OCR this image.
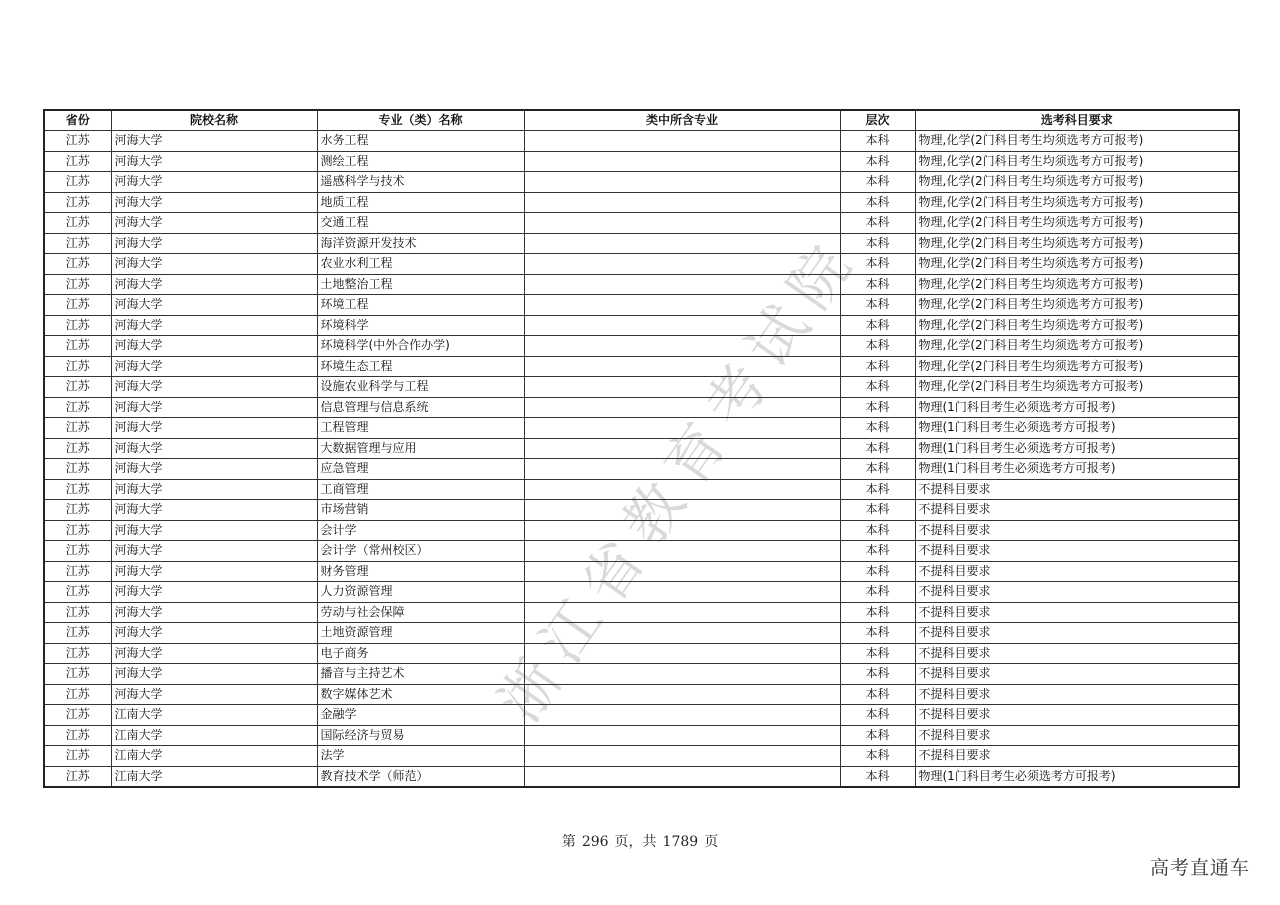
浙江省教育考试院
省份	院校名称	专业（类）名称	类中所含专业	层次	选考科目要求
江苏	河海大学	水务工程		本科	物理,化学(2门科目考生均须选考方可报考)
江苏	河海大学	测绘工程		本科	物理,化学(2门科目考生均须选考方可报考)
江苏	河海大学	遥感科学与技术		本科	物理,化学(2门科目考生均须选考方可报考)
江苏	河海大学	地质工程		本科	物理,化学(2门科目考生均须选考方可报考)
江苏	河海大学	交通工程		本科	物理,化学(2门科目考生均须选考方可报考)
江苏	河海大学	海洋资源开发技术		本科	物理,化学(2门科目考生均须选考方可报考)
江苏	河海大学	农业水利工程		本科	物理,化学(2门科目考生均须选考方可报考)
江苏	河海大学	土地整治工程		本科	物理,化学(2门科目考生均须选考方可报考)
江苏	河海大学	环境工程		本科	物理,化学(2门科目考生均须选考方可报考)
江苏	河海大学	环境科学		本科	物理,化学(2门科目考生均须选考方可报考)
江苏	河海大学	环境科学(中外合作办学)		本科	物理,化学(2门科目考生均须选考方可报考)
江苏	河海大学	环境生态工程		本科	物理,化学(2门科目考生均须选考方可报考)
江苏	河海大学	设施农业科学与工程		本科	物理,化学(2门科目考生均须选考方可报考)
江苏	河海大学	信息管理与信息系统		本科	物理(1门科目考生必须选考方可报考)
江苏	河海大学	工程管理		本科	物理(1门科目考生必须选考方可报考)
江苏	河海大学	大数据管理与应用		本科	物理(1门科目考生必须选考方可报考)
江苏	河海大学	应急管理		本科	物理(1门科目考生必须选考方可报考)
江苏	河海大学	工商管理		本科	不提科目要求
江苏	河海大学	市场营销		本科	不提科目要求
江苏	河海大学	会计学		本科	不提科目要求
江苏	河海大学	会计学（常州校区）		本科	不提科目要求
江苏	河海大学	财务管理		本科	不提科目要求
江苏	河海大学	人力资源管理		本科	不提科目要求
江苏	河海大学	劳动与社会保障		本科	不提科目要求
江苏	河海大学	土地资源管理		本科	不提科目要求
江苏	河海大学	电子商务		本科	不提科目要求
江苏	河海大学	播音与主持艺术		本科	不提科目要求
江苏	河海大学	数字媒体艺术		本科	不提科目要求
江苏	江南大学	金融学		本科	不提科目要求
江苏	江南大学	国际经济与贸易		本科	不提科目要求
江苏	江南大学	法学		本科	不提科目要求
江苏	江南大学	教育技术学（师范）		本科	物理(1门科目考生必须选考方可报考)
第 296 页，共 1789 页
高考直通车
